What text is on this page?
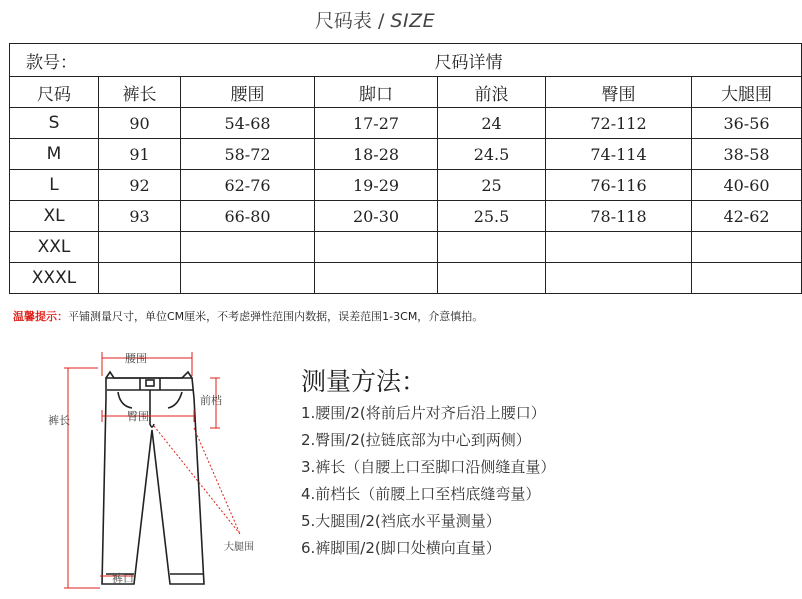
尺码表 / SIZE
款号：		尺码详情				
尺码	裤长	腰围	脚口	前浪	臀围	大腿围
S	90	54-68	17-27	24	72-112	36-56
M	91	58-72	18-28	24.5	74-114	38-58
L	92	62-76	19-29	25	76-116	40-60
XL	93	66-80	20-30	25.5	78-118	42-62
XXL						
XXXL						
温馨提示：平铺测量尺寸，单位CM厘米，不考虑弹性范围内数据，误差范围1-3CM，介意慎拍。
腰围
臀围
裤长
前档
大腿围
裤口
测量方法：
1.腰围/2(将前后片对齐后沿上腰口）
2.臀围/2(拉链底部为中心到两侧）
3.裤长（自腰上口至脚口沿侧缝直量）
4.前档长（前腰上口至档底缝弯量）
5.大腿围/2(裆底水平量测量）
6.裤脚围/2(脚口处横向直量）
